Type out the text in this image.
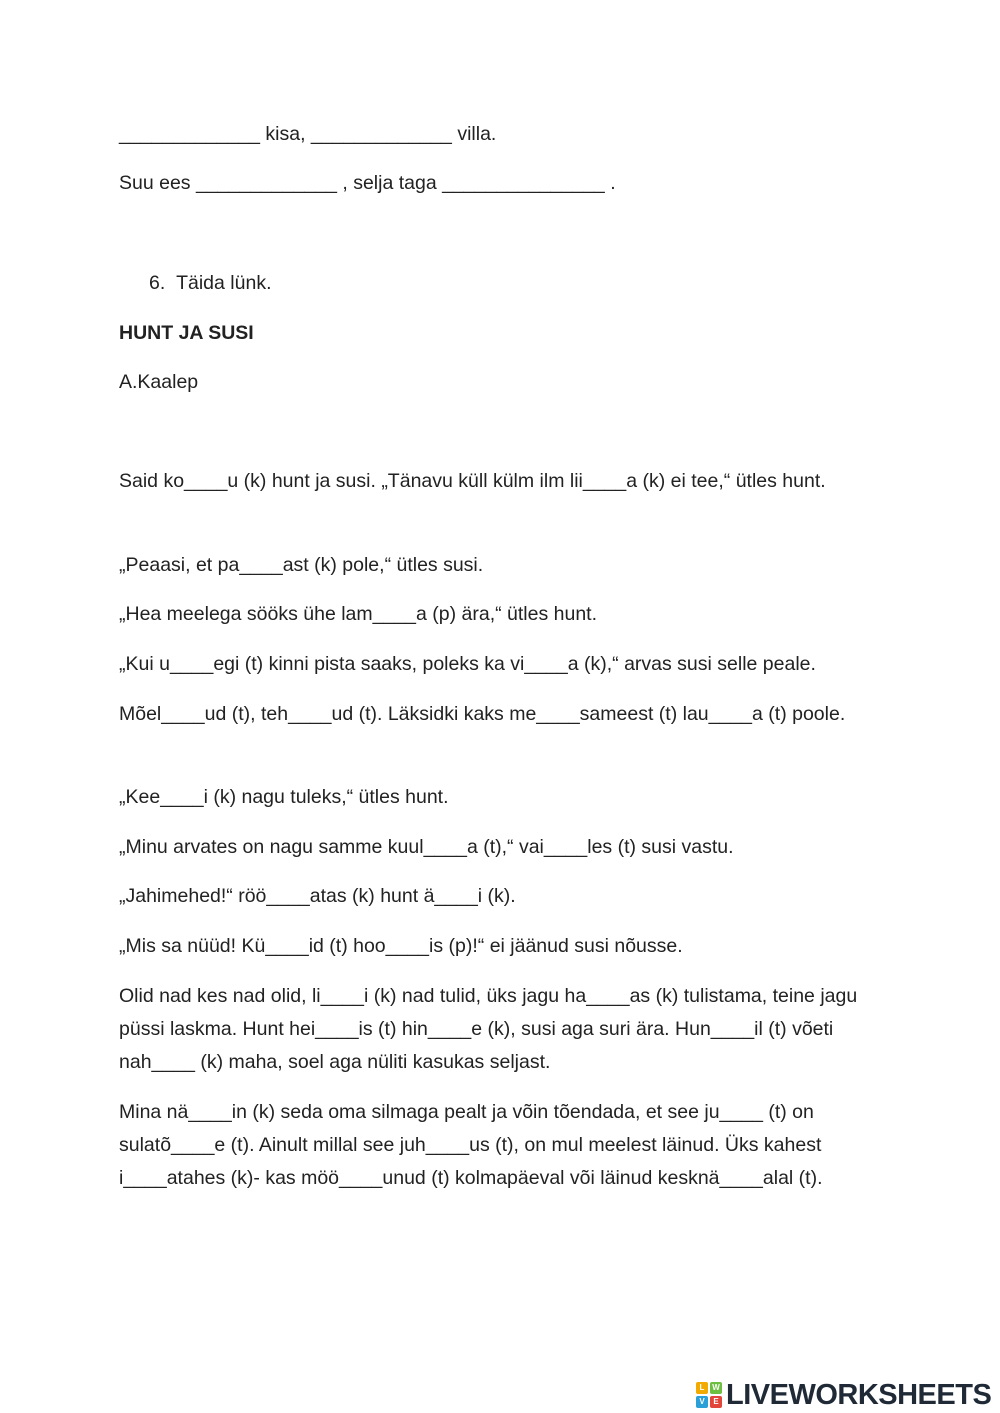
_____________ kisa, _____________ villa.
Suu ees _____________ , selja taga _______________ .
6.  Täida lünk.
HUNT JA SUSI
A.Kaalep
Said ko____u (k) hunt ja susi. „Tänavu küll külm ilm lii____a (k) ei tee,“ ütles hunt.
„Peaasi, et pa____ast (k) pole,“ ütles susi.
„Hea meelega sööks ühe lam____a (p) ära,“ ütles hunt.
„Kui u____egi (t) kinni pista saaks, poleks ka vi____a (k),“ arvas susi selle peale.
Mõel____ud (t), teh____ud (t). Läksidki kaks me____sameest (t) lau____a (t) poole.
„Kee____i (k) nagu tuleks,“ ütles hunt.
„Minu arvates on nagu samme kuul____a (t),“ vai____les (t) susi vastu.
„Jahimehed!“ röö____atas (k) hunt ä____i (k).
„Mis sa nüüd! Kü____id (t) hoo____is (p)!“ ei jäänud susi nõusse.
Olid nad kes nad olid, li____i (k) nad tulid, üks jagu ha____as (k) tulistama, teine jagu püssi laskma. Hunt hei____is (t) hin____e (k), susi aga suri ära. Hun____il (t) võeti nah____ (k) maha, soel aga nüliti kasukas seljast.
Mina nä____in (k) seda oma silmaga pealt ja võin tõendada, et see ju____ (t) on sulatõ____e (t). Ainult millal see juh____us (t), on mul meelest läinud. Üks kahest i____atahes (k)- kas möö____unud (t) kolmapäeval või läinud kesknä____alal (t).
L W
V	E LIVEWORKSHEETS
